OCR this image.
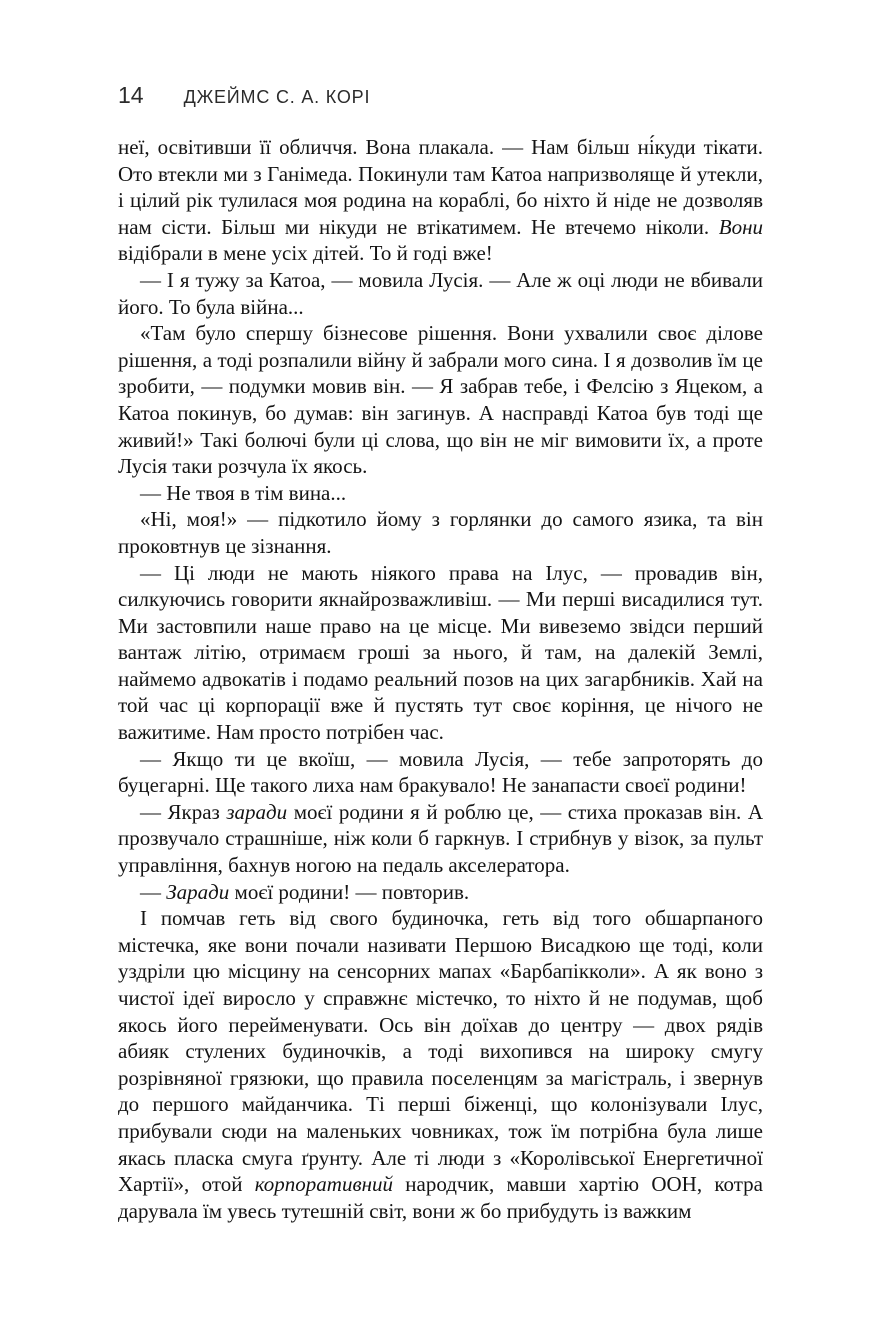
14 ДЖЕЙМС С. А. КОРІ

неї, освітивши її обличчя. Вона плакала. — Нам більш ні́куди тікати. Ото втекли ми з Ганімеда. Покинули там Катоа напризволяще й утекли, і цілий рік тулилася моя родина на кораблі, бо ніхто й ніде не дозволяв нам сісти. Більш ми нікуди не втікатимем. Не втечемо ніколи. Вони відібрали в мене усіх дітей. То й годі вже!

— І я тужу за Катоа, — мовила Лусія. — Але ж оці люди не вбивали його. То була війна...

«Там було спершу бізнесове рішення. Вони ухвалили своє ділове рішення, а тоді розпалили війну й забрали мого сина. І я дозволив їм це зробити, — подумки мовив він. — Я забрав тебе, і Фелсію з Яцеком, а Катоа покинув, бо думав: він загинув. А насправді Катоа був тоді ще живий!» Такі болючі були ці слова, що він не міг вимовити їх, а проте Лусія таки розчула їх якось.

— Не твоя в тім вина...

«Ні, моя!» — підкотило йому з горлянки до самого язика, та він проковтнув це зізнання.

— Ці люди не мають ніякого права на Ілус, — провадив він, силкуючись говорити якнайрозважливіш. — Ми перші висадилися тут. Ми застовпили наше право на це місце. Ми вивеземо звідси перший вантаж літію, отримаєм гроші за нього, й там, на далекій Землі, наймемо адвокатів і подамо реальний позов на цих загарбників. Хай на той час ці корпорації вже й пустять тут своє коріння, це нічого не важитиме. Нам просто потрібен час.

— Якщо ти це вкоїш, — мовила Лусія, — тебе запроторять до буцегарні. Ще такого лиха нам бракувало! Не занапасти своєї родини!

— Якраз заради моєї родини я й роблю це, — стиха проказав він. А прозвучало страшніше, ніж коли б гаркнув. І стрибнув у візок, за пульт управління, бахнув ногою на педаль акселератора.

— Заради моєї родини! — повторив.

І помчав геть від свого будиночка, геть від того обшарпаного містечка, яке вони почали називати Першою Висадкою ще тоді, коли уздріли цю місцину на сенсорних мапах «Барбапікколи». А як воно з чистої ідеї виросло у справжнє містечко, то ніхто й не подумав, щоб якось його перейменувати. Ось він доїхав до центру — двох рядів абияк стулених будиночків, а тоді вихопився на широку смугу розрівняної грязюки, що правила поселенцям за магістраль, і звернув до першого майданчика. Ті перші біженці, що колонізували Ілус, прибували сюди на маленьких човниках, тож їм потрібна була лише якась пласка смуга ґрунту. Але ті люди з «Королівської Енергетичної Хартії», отой корпоративний народчик, мавши хартію ООН, котра дарувала їм увесь тутешній світ, вони ж бо прибудуть із важким
